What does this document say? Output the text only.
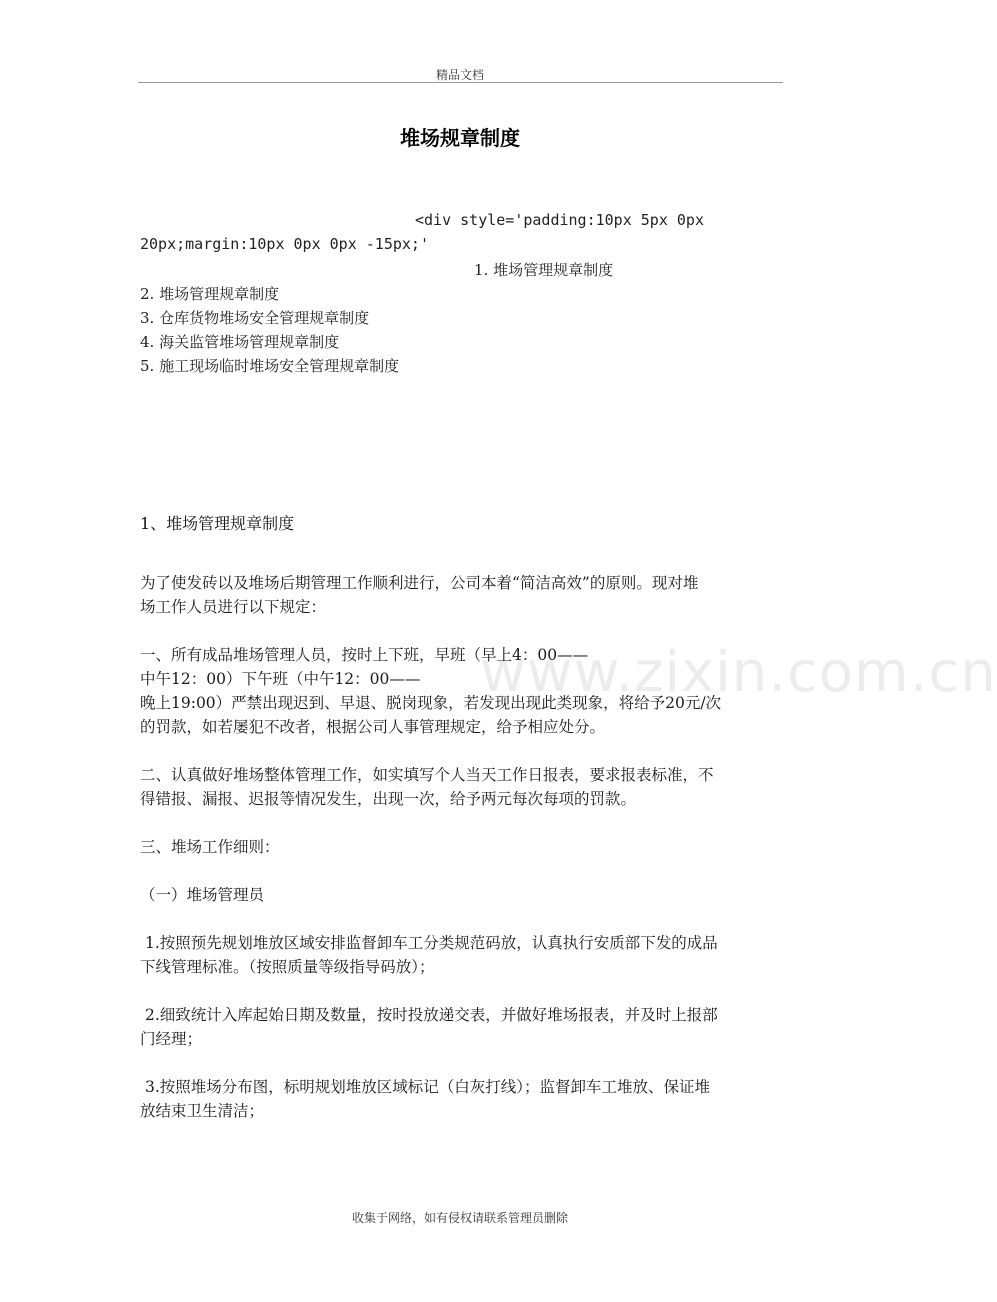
精品文档
堆场规章制度
<div style='padding:10px 5px 0px
20px;margin:10px 0px 0px -15px;'
1. 堆场管理规章制度
2. 堆场管理规章制度
3. 仓库货物堆场安全管理规章制度
4. 海关监管堆场管理规章制度
5. 施工现场临时堆场安全管理规章制度
1、堆场管理规章制度
为了使发砖以及堆场后期管理工作顺利进行，公司本着“简洁高效”的原则。现对堆
场工作人员进行以下规定：
一、所有成品堆场管理人员，按时上下班，早班（早上4：00——
中午12：00）下午班（中午12：00——
晚上19:00）严禁出现迟到、早退、脱岗现象，若发现出现此类现象，将给予20元/次
的罚款，如若屡犯不改者，根据公司人事管理规定，给予相应处分。
二、认真做好堆场整体管理工作，如实填写个人当天工作日报表，要求报表标准，不
得错报、漏报、迟报等情况发生，出现一次，给予两元每次每项的罚款。
三、堆场工作细则：
（一）堆场管理员
1.按照预先规划堆放区域安排监督卸车工分类规范码放，认真执行安质部下发的成品
下线管理标准。（按照质量等级指导码放）；
2.细致统计入库起始日期及数量，按时投放递交表，并做好堆场报表，并及时上报部
门经理；
3.按照堆场分布图，标明规划堆放区域标记（白灰打线）；监督卸车工堆放、保证堆
放结束卫生清洁；
www.zixin.com.cn
收集于网络，如有侵权请联系管理员删除
